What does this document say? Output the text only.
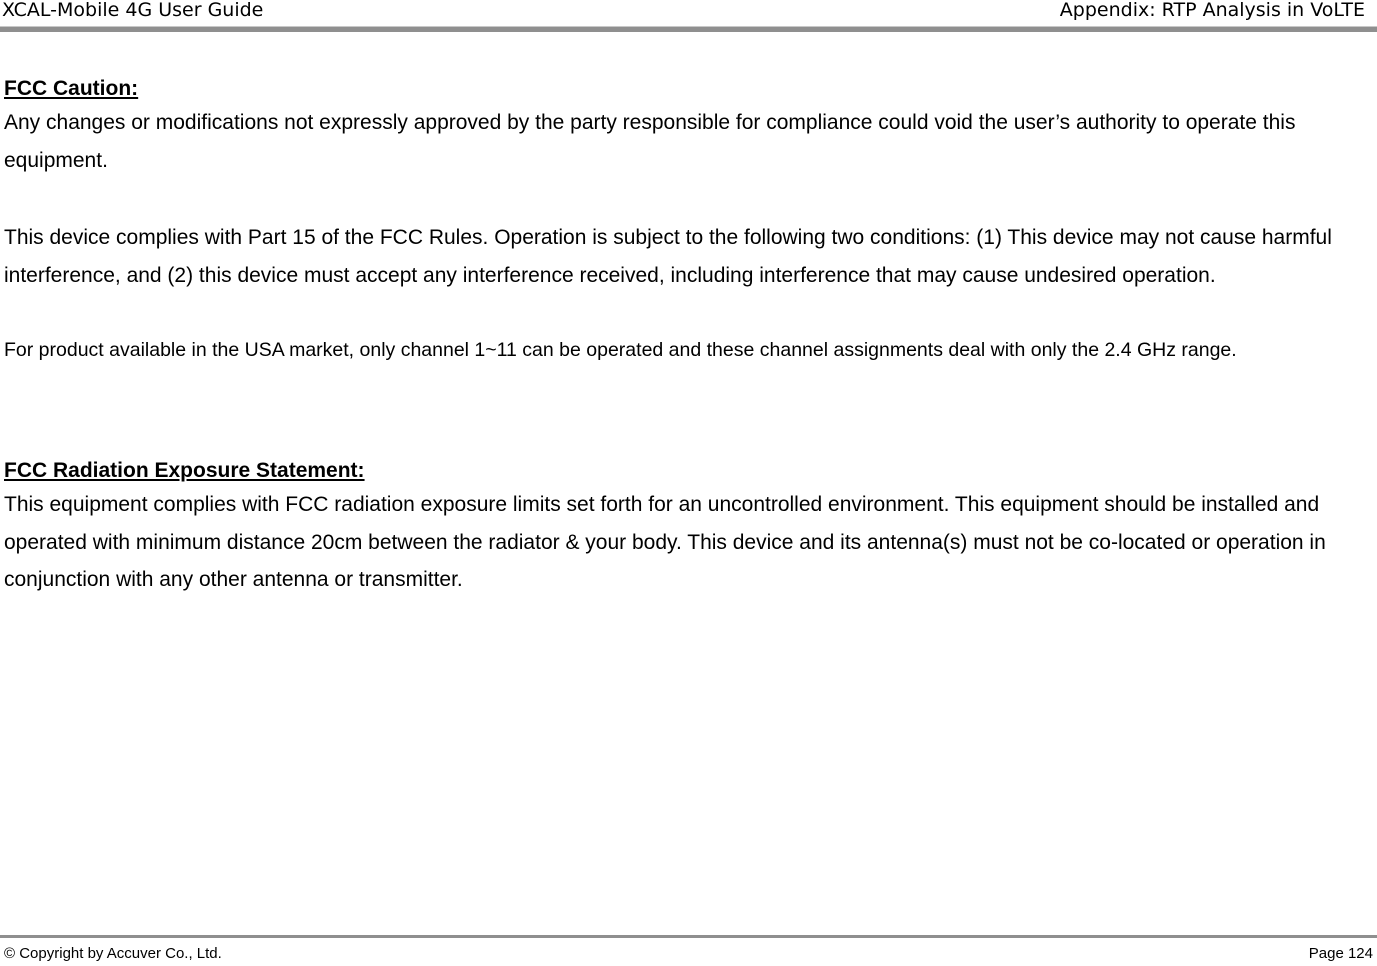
XCAL-Mobile 4G User Guide	Appendix: RTP Analysis in VoLTE

FCC Caution:

Any changes or modifications not expressly approved by the party responsible for compliance could void the user’s authority to operate this equipment.

This device complies with Part 15 of the FCC Rules. Operation is subject to the following two conditions: (1) This device may not cause harmful interference, and (2) this device must accept any interference received, including interference that may cause undesired operation.

For product available in the USA market, only channel 1~11 can be operated and these channel assignments deal with only the 2.4 GHz range.

FCC Radiation Exposure Statement:

This equipment complies with FCC radiation exposure limits set forth for an uncontrolled environment. This equipment should be installed and operated with minimum distance 20cm between the radiator & your body. This device and its antenna(s) must not be co-located or operation in conjunction with any other antenna or transmitter.

© Copyright by Accuver Co., Ltd.	Page 124
